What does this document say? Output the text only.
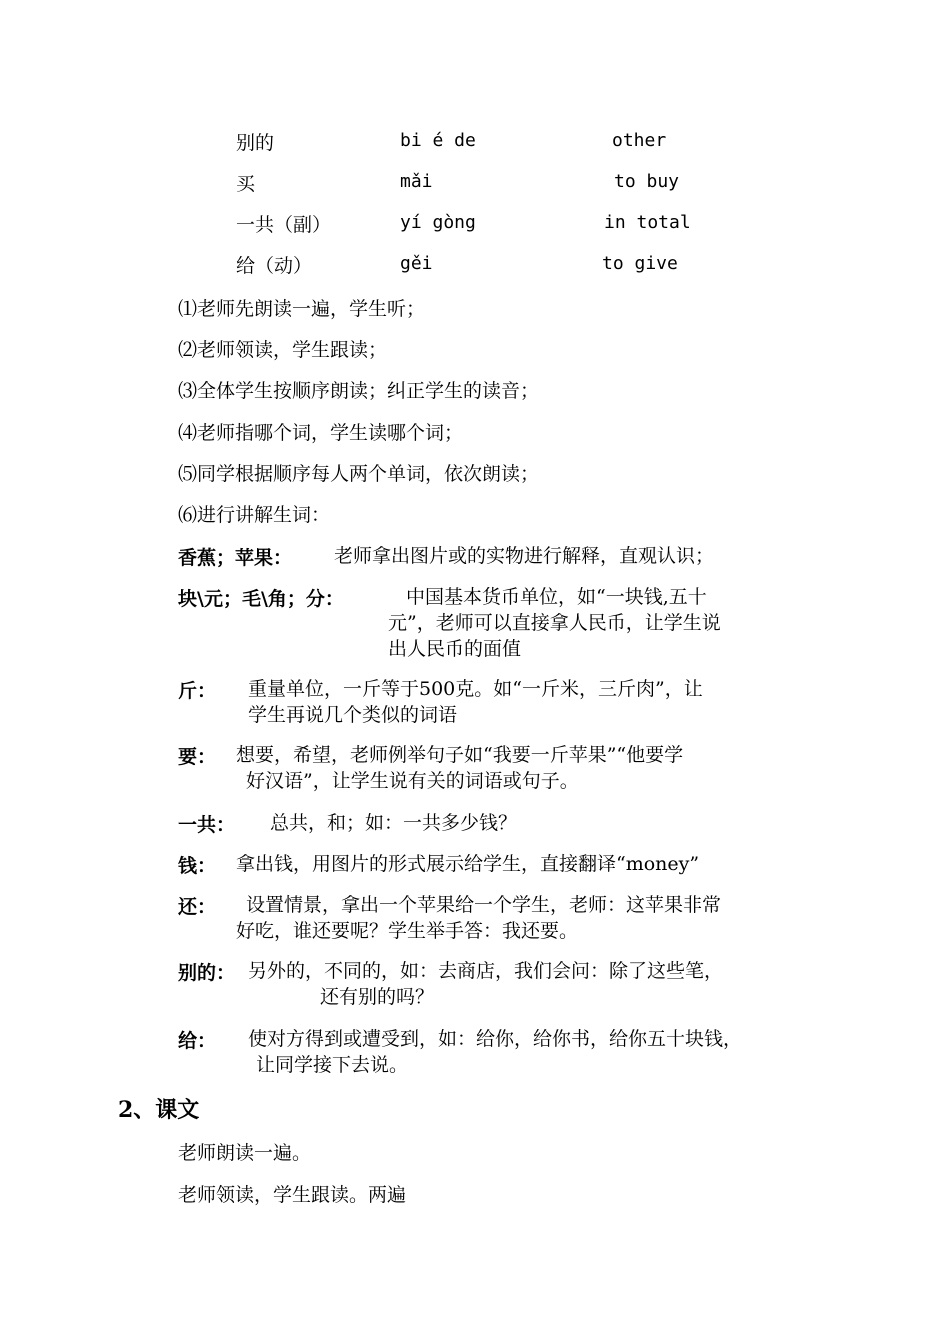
别的	bi é de	other
买	mǎi	to buy
一共（副）	yí gòng	in total
给（动）	gěi	to give
⑴老师先朗读一遍，学生听；
⑵老师领读，学生跟读；
⑶全体学生按顺序朗读；纠正学生的读音；
⑷老师指哪个词，学生读哪个词；
⑸同学根据顺序每人两个单词，依次朗读；
⑹进行讲解生词：
香蕉；苹果： 老师拿出图片或的实物进行解释，直观认识；
块\元；毛\角；分：	中国基本货币单位，如“一块钱,五十
元”，老师可以直接拿人民币，让学生说
出人民币的面值
斤： 重量单位，一斤等于500克。如“一斤米，三斤肉”，让
学生再说几个类似的词语
要： 想要，希望，老师例举句子如“我要一斤苹果”“他要学
好汉语”，让学生说有关的词语或句子。
一共： 总共，和；如：一共多少钱？
钱： 拿出钱，用图片的形式展示给学生，直接翻译“money”
还： 设置情景，拿出一个苹果给一个学生，老师：这苹果非常
好吃，谁还要呢？学生举手答：我还要。
别的： 另外的，不同的，如：去商店，我们会问：除了这些笔，
还有别的吗？
给： 使对方得到或遭受到，如：给你，给你书，给你五十块钱，
让同学接下去说。
2、课文
老师朗读一遍。
老师领读，学生跟读。两遍
